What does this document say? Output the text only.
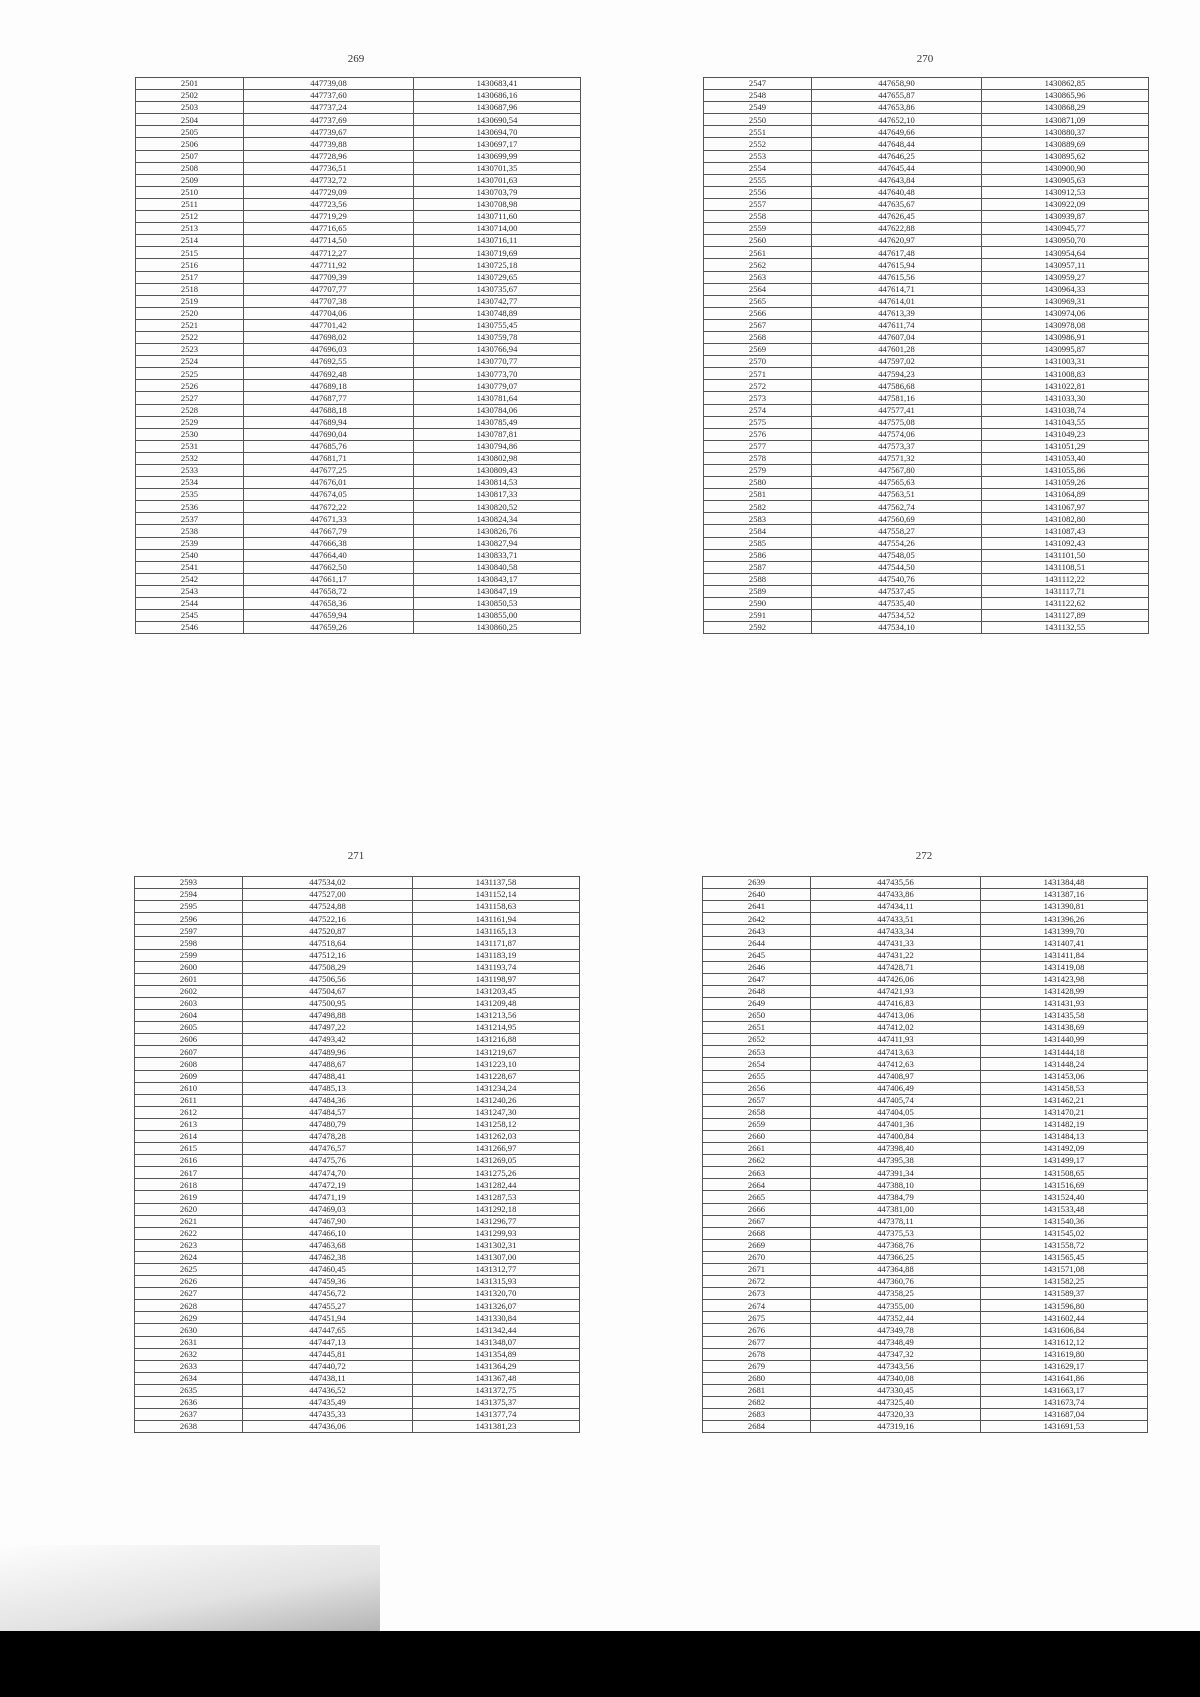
269
2501	447739,08	1430683,41
2502	447737,60	1430686,16
2503	447737,24	1430687,96
2504	447737,69	1430690,54
2505	447739,67	1430694,70
2506	447739,88	1430697,17
2507	447728,96	1430699,99
2508	447736,51	1430701,35
2509	447732,72	1430701,63
2510	447729,09	1430703,79
2511	447723,56	1430708,98
2512	447719,29	1430711,60
2513	447716,65	1430714,00
2514	447714,50	1430716,11
2515	447712,27	1430719,69
2516	447711,92	1430725,18
2517	447709,39	1430729,65
2518	447707,77	1430735,67
2519	447707,38	1430742,77
2520	447704,06	1430748,89
2521	447701,42	1430755,45
2522	447698,02	1430759,78
2523	447696,03	1430766,94
2524	447692,55	1430770,77
2525	447692,48	1430773,70
2526	447689,18	1430779,07
2527	447687,77	1430781,64
2528	447688,18	1430784,06
2529	447689,94	1430785,49
2530	447690,04	1430787,81
2531	447685,76	1430794,86
2532	447681,71	1430802,98
2533	447677,25	1430809,43
2534	447676,01	1430814,53
2535	447674,05	1430817,33
2536	447672,22	1430820,52
2537	447671,33	1430824,34
2538	447667,79	1430826,76
2539	447666,38	1430827,94
2540	447664,40	1430833,71
2541	447662,50	1430840,58
2542	447661,17	1430843,17
2543	447658,72	1430847,19
2544	447658,36	1430850,53
2545	447659,94	1430855,00
2546	447659,26	1430860,25
270
2547	447658,90	1430862,85
2548	447655,87	1430865,96
2549	447653,86	1430868,29
2550	447652,10	1430871,09
2551	447649,66	1430880,37
2552	447648,44	1430889,69
2553	447646,25	1430895,62
2554	447645,44	1430900,90
2555	447643,84	1430905,63
2556	447640,48	1430912,53
2557	447635,67	1430922,09
2558	447626,45	1430939,87
2559	447622,88	1430945,77
2560	447620,97	1430950,70
2561	447617,48	1430954,64
2562	447615,94	1430957,11
2563	447615,56	1430959,27
2564	447614,71	1430964,33
2565	447614,01	1430969,31
2566	447613,39	1430974,06
2567	447611,74	1430978,08
2568	447607,04	1430986,91
2569	447601,28	1430995,87
2570	447597,02	1431003,31
2571	447594,23	1431008,83
2572	447586,68	1431022,81
2573	447581,16	1431033,30
2574	447577,41	1431038,74
2575	447575,08	1431043,55
2576	447574,06	1431049,23
2577	447573,37	1431051,29
2578	447571,32	1431053,40
2579	447567,80	1431055,86
2580	447565,63	1431059,26
2581	447563,51	1431064,89
2582	447562,74	1431067,97
2583	447560,69	1431082,80
2584	447558,27	1431087,43
2585	447554,26	1431092,43
2586	447548,05	1431101,50
2587	447544,50	1431108,51
2588	447540,76	1431112,22
2589	447537,45	1431117,71
2590	447535,40	1431122,62
2591	447534,52	1431127,89
2592	447534,10	1431132,55
271
2593	447534,02	1431137,58
2594	447527,00	1431152,14
2595	447524,88	1431158,63
2596	447522,16	1431161,94
2597	447520,87	1431165,13
2598	447518,64	1431171,87
2599	447512,16	1431183,19
2600	447508,29	1431193,74
2601	447506,56	1431198,97
2602	447504,67	1431203,45
2603	447500,95	1431209,48
2604	447498,88	1431213,56
2605	447497,22	1431214,95
2606	447493,42	1431216,88
2607	447489,96	1431219,67
2608	447488,67	1431223,10
2609	447488,41	1431228,67
2610	447485,13	1431234,24
2611	447484,36	1431240,26
2612	447484,57	1431247,30
2613	447480,79	1431258,12
2614	447478,28	1431262,03
2615	447476,57	1431266,97
2616	447475,76	1431269,05
2617	447474,70	1431275,26
2618	447472,19	1431282,44
2619	447471,19	1431287,53
2620	447469,03	1431292,18
2621	447467,90	1431296,77
2622	447466,10	1431299,93
2623	447463,68	1431302,31
2624	447462,38	1431307,00
2625	447460,45	1431312,77
2626	447459,36	1431315,93
2627	447456,72	1431320,70
2628	447455,27	1431326,07
2629	447451,94	1431330,84
2630	447447,65	1431342,44
2631	447447,13	1431348,07
2632	447445,81	1431354,89
2633	447440,72	1431364,29
2634	447438,11	1431367,48
2635	447436,52	1431372,75
2636	447435,49	1431375,37
2637	447435,33	1431377,74
2638	447436,06	1431381,23
272
2639	447435,56	1431384,48
2640	447433,86	1431387,16
2641	447434,11	1431390,81
2642	447433,51	1431396,26
2643	447433,34	1431399,70
2644	447431,33	1431407,41
2645	447431,22	1431411,84
2646	447428,71	1431419,08
2647	447426,06	1431423,98
2648	447421,93	1431428,99
2649	447416,83	1431431,93
2650	447413,06	1431435,58
2651	447412,02	1431438,69
2652	447411,93	1431440,99
2653	447413,63	1431444,18
2654	447412,63	1431448,24
2655	447408,97	1431453,06
2656	447406,49	1431458,53
2657	447405,74	1431462,21
2658	447404,05	1431470,21
2659	447401,36	1431482,19
2660	447400,84	1431484,13
2661	447398,40	1431492,09
2662	447395,38	1431499,17
2663	447391,34	1431508,65
2664	447388,10	1431516,69
2665	447384,79	1431524,40
2666	447381,00	1431533,48
2667	447378,11	1431540,36
2668	447375,53	1431545,02
2669	447368,76	1431558,72
2670	447366,25	1431565,45
2671	447364,88	1431571,08
2672	447360,76	1431582,25
2673	447358,25	1431589,37
2674	447355,00	1431596,80
2675	447352,44	1431602,44
2676	447349,78	1431606,84
2677	447348,49	1431612,12
2678	447347,32	1431619,80
2679	447343,56	1431629,17
2680	447340,08	1431641,86
2681	447330,45	1431663,17
2682	447325,40	1431673,74
2683	447320,33	1431687,04
2684	447319,16	1431691,53
